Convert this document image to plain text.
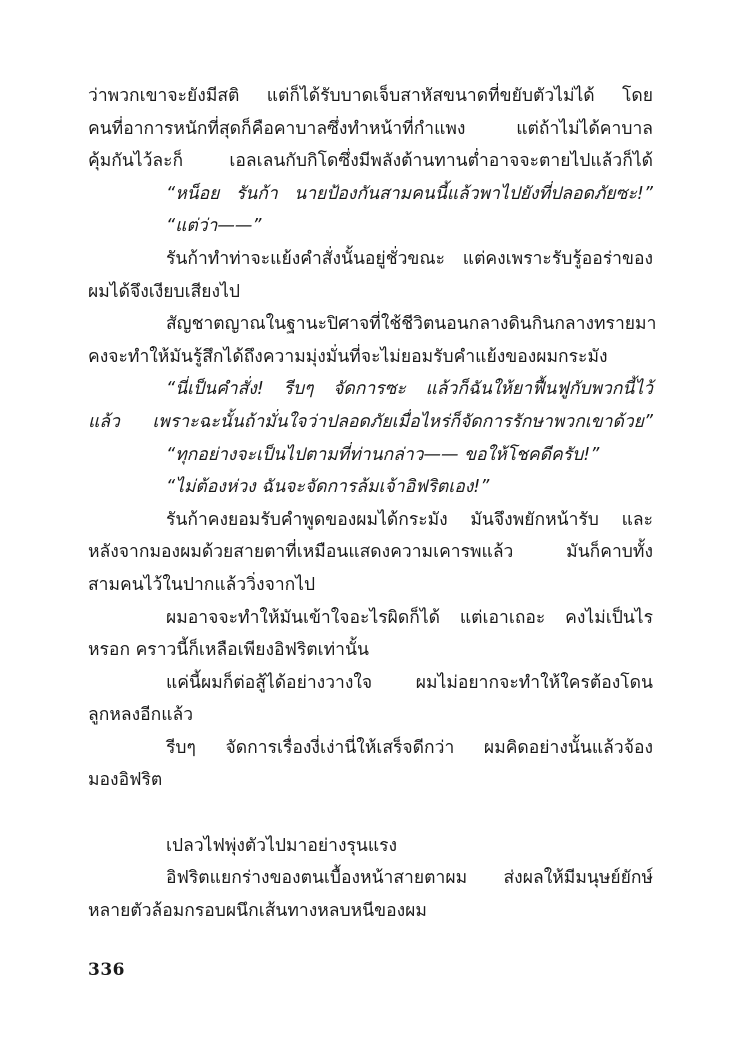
ว่าพวกเขาจะยังมีสติ แต่ก็ได้รับบาดเจ็บสาหัสขนาดที่ขยับตัวไม่ได้ โดย
คนที่อาการหนักที่สุดก็คือคาบาลซึ่งทำหน้าที่กำแพง แต่ถ้าไม่ได้คาบาล
คุ้มกันไว้ละก็ เอลเลนกับกิโดซึ่งมีพลังต้านทานต่ำอาจจะตายไปแล้วก็ได้
“หน็อย รันก้า นายป้องกันสามคนนี้แล้วพาไปยังที่ปลอดภัยซะ!”
“แต่ว่า——”
รันก้าทำท่าจะแย้งคำสั่งนั้นอยู่ชั่วขณะ แต่คงเพราะรับรู้ออร่าของ
ผมได้จึงเงียบเสียงไป
สัญชาตญาณในฐานะปิศาจที่ใช้ชีวิตนอนกลางดินกินกลางทรายมา
คงจะทำให้มันรู้สึกได้ถึงความมุ่งมั่นที่จะไม่ยอมรับคำแย้งของผมกระมัง
“นี่เป็นคำสั่ง! รีบๆ จัดการซะ แล้วก็ฉันให้ยาฟื้นฟูกับพวกนี้ไว้
แล้ว เพราะฉะนั้นถ้ามั่นใจว่าปลอดภัยเมื่อไหร่ก็จัดการรักษาพวกเขาด้วย”
“ทุกอย่างจะเป็นไปตามที่ท่านกล่าว—— ขอให้โชคดีครับ!”
“ไม่ต้องห่วง ฉันจะจัดการล้มเจ้าอิฟริตเอง!”
รันก้าคงยอมรับคำพูดของผมได้กระมัง มันจึงพยักหน้ารับ และ
หลังจากมองผมด้วยสายตาที่เหมือนแสดงความเคารพแล้ว มันก็คาบทั้ง
สามคนไว้ในปากแล้ววิ่งจากไป
ผมอาจจะทำให้มันเข้าใจอะไรผิดก็ได้ แต่เอาเถอะ คงไม่เป็นไร
หรอก คราวนี้ก็เหลือเพียงอิฟริตเท่านั้น
แค่นี้ผมก็ต่อสู้ได้อย่างวางใจ ผมไม่อยากจะทำให้ใครต้องโดน
ลูกหลงอีกแล้ว
รีบๆ จัดการเรื่องงี่เง่านี่ให้เสร็จดีกว่า ผมคิดอย่างนั้นแล้วจ้อง
มองอิฟริต
เปลวไฟพุ่งตัวไปมาอย่างรุนแรง
อิฟริตแยกร่างของตนเบื้องหน้าสายตาผม ส่งผลให้มีมนุษย์ยักษ์
หลายตัวล้อมกรอบผนึกเส้นทางหลบหนีของผม
336
